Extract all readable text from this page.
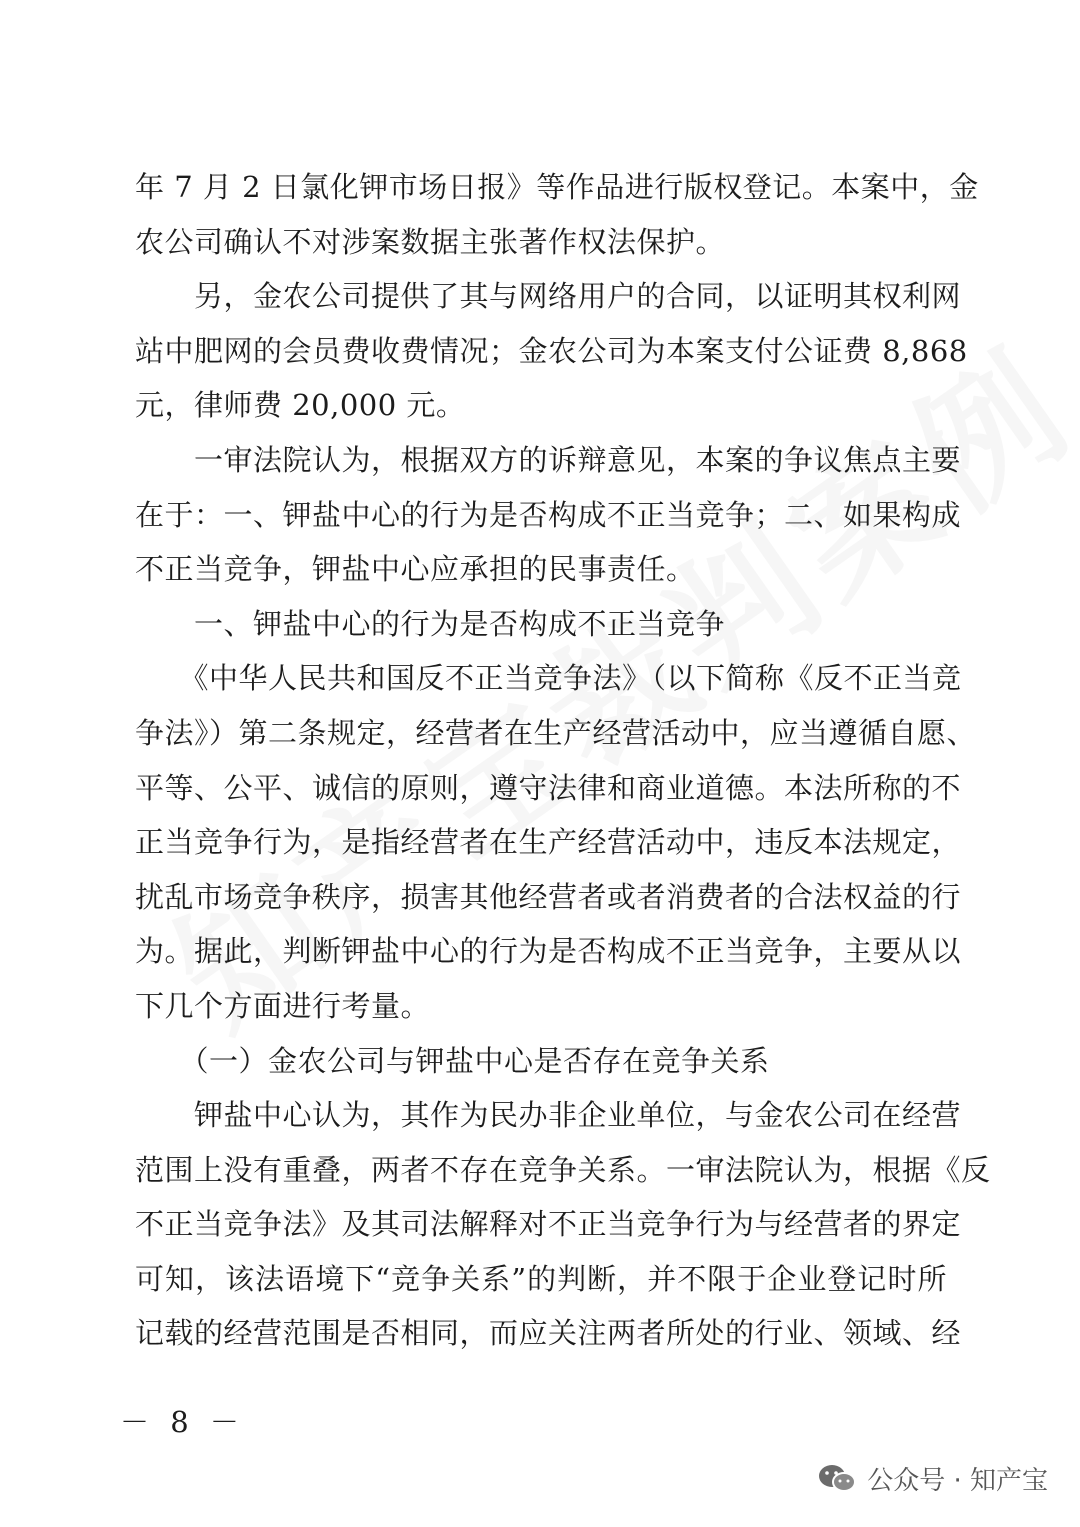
年 7 月 2 日氯化钾市场日报》等作品进行版权登记。本案中，金
农公司确认不对涉案数据主张著作权法保护。
　　另，金农公司提供了其与网络用户的合同，以证明其权利网
站中肥网的会员费收费情况；金农公司为本案支付公证费 8,868
元，律师费 20,000 元。
　　一审法院认为，根据双方的诉辩意见，本案的争议焦点主要
在于：一、钾盐中心的行为是否构成不正当竞争；二、如果构成
不正当竞争，钾盐中心应承担的民事责任。
　　一、钾盐中心的行为是否构成不正当竞争
　　《中华人民共和国反不正当竞争法》（以下简称《反不正当竞
争法》）第二条规定，经营者在生产经营活动中，应当遵循自愿、
平等、公平、诚信的原则，遵守法律和商业道德。本法所称的不
正当竞争行为，是指经营者在生产经营活动中，违反本法规定，
扰乱市场竞争秩序，损害其他经营者或者消费者的合法权益的行
为。据此，判断钾盐中心的行为是否构成不正当竞争，主要从以
下几个方面进行考量。
　　（一）金农公司与钾盐中心是否存在竞争关系
　　钾盐中心认为，其作为民办非企业单位，与金农公司在经营
范围上没有重叠，两者不存在竞争关系。一审法院认为，根据《反
不正当竞争法》及其司法解释对不正当竞争行为与经营者的界定
可知，该法语境下“竞争关系”的判断，并不限于企业登记时所
记载的经营范围是否相同，而应关注两者所处的行业、领域、经
－ 8 －
公众号 · 知产宝
